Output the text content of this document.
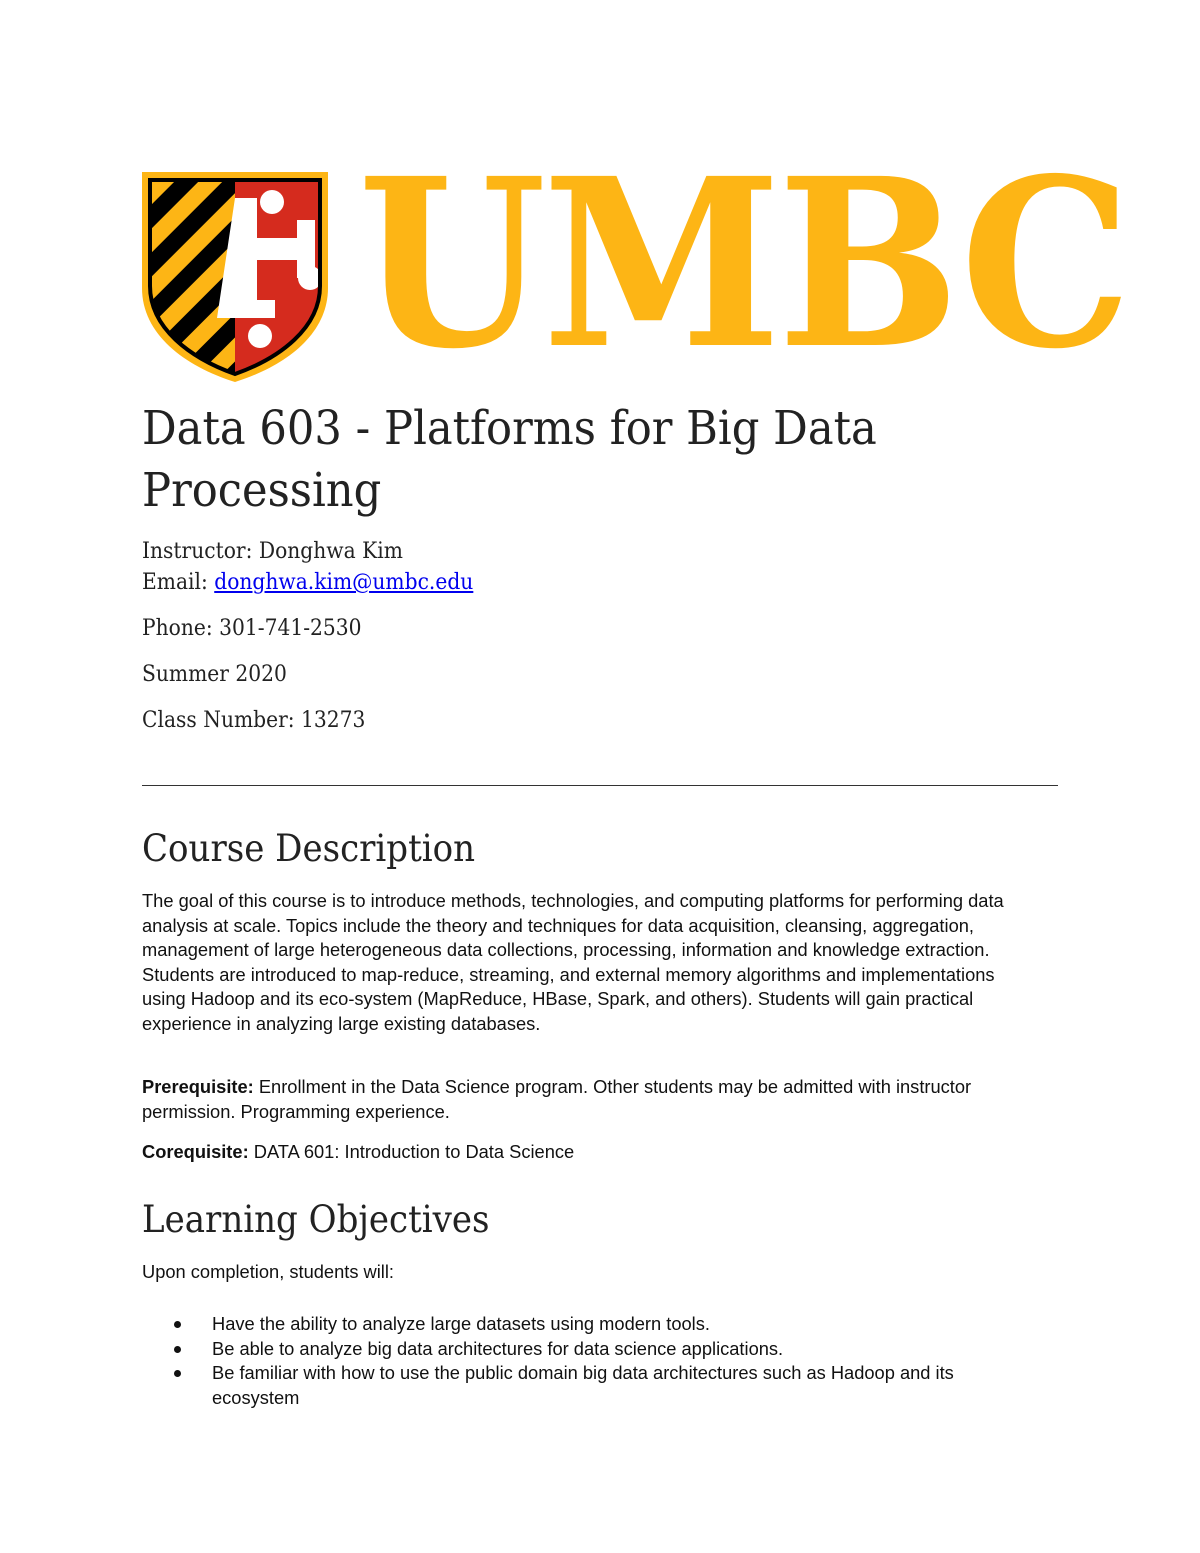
UMBC
Data 603 - Platforms for Big Data Processing

Instructor: Donghwa Kim

Email: donghwa.kim@umbc.edu

Phone: 301-741-2530

Summer 2020

Class Number: 13273

Course Description

The goal of this course is to introduce methods, technologies, and computing platforms for performing data analysis at scale. Topics include the theory and techniques for data acquisition, cleansing, aggregation, management of large heterogeneous data collections, processing, information and knowledge extraction. Students are introduced to map-reduce, streaming, and external memory algorithms and implementations using Hadoop and its eco-system (MapReduce, HBase, Spark, and others). Students will gain practical experience in analyzing large existing databases.

Prerequisite: Enrollment in the Data Science program. Other students may be admitted with instructor permission. Programming experience.

Corequisite: DATA 601: Introduction to Data Science

Learning Objectives

Upon completion, students will:

Have the ability to analyze large datasets using modern tools.
Be able to analyze big data architectures for data science applications.
Be familiar with how to use the public domain big data architectures such as Hadoop and its ecosystem
